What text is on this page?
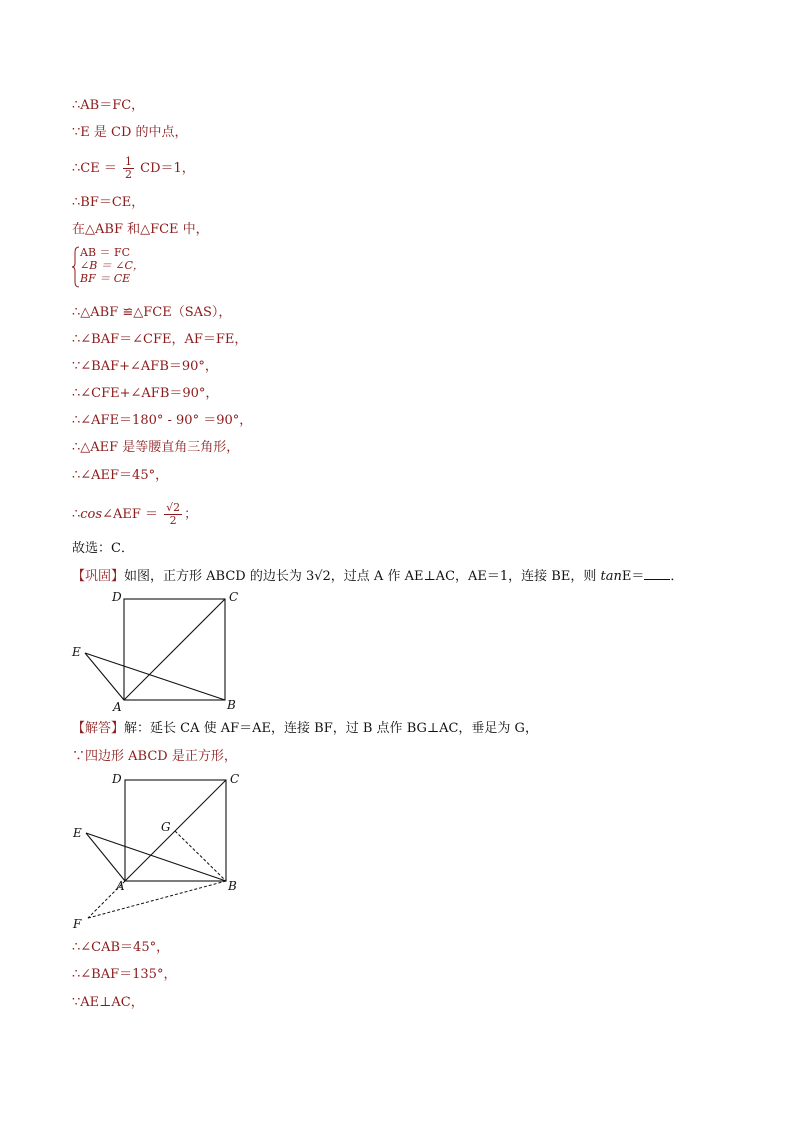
∴AB＝FC，
∵E 是 CD 的中点，
∴CE ＝ $\frac{1}{2} CD=1$，
∴BF＝CE，
在△ABF 和△FCE 中，
AB ＝ FC
∠B ＝ ∠C，
BF ＝ CE
∴△ABF ≌△FCE（SAS），
∴∠BAF＝∠CFE，AF＝FE，
∵∠BAF+∠AFB＝90°，
∴∠CFE+∠AFB＝90°，
∴∠AFE＝180° - 90° ＝90°，
∴△AEF 是等腰直角三角形，
∴∠AEF＝45°，
∴cos∠AEF ＝ $\frac{√2}{2}$ ；
故选：C．
【巩固】如图，正方形 ABCD 的边长为 3√2，过点 A 作 AE⊥AC，AE＝1，连接 BE，则 tanE＝ ．
D	C
E
A	B
【解答】解：延长 CA 使 AF＝AE，连接 BF，过 B 点作 BG⊥AC，垂足为 G，
∵四边形 ABCD 是正方形，
D	C
E	G
A	B
F
∴∠CAB＝45°，
∴∠BAF＝135°，
∵AE⊥AC，
